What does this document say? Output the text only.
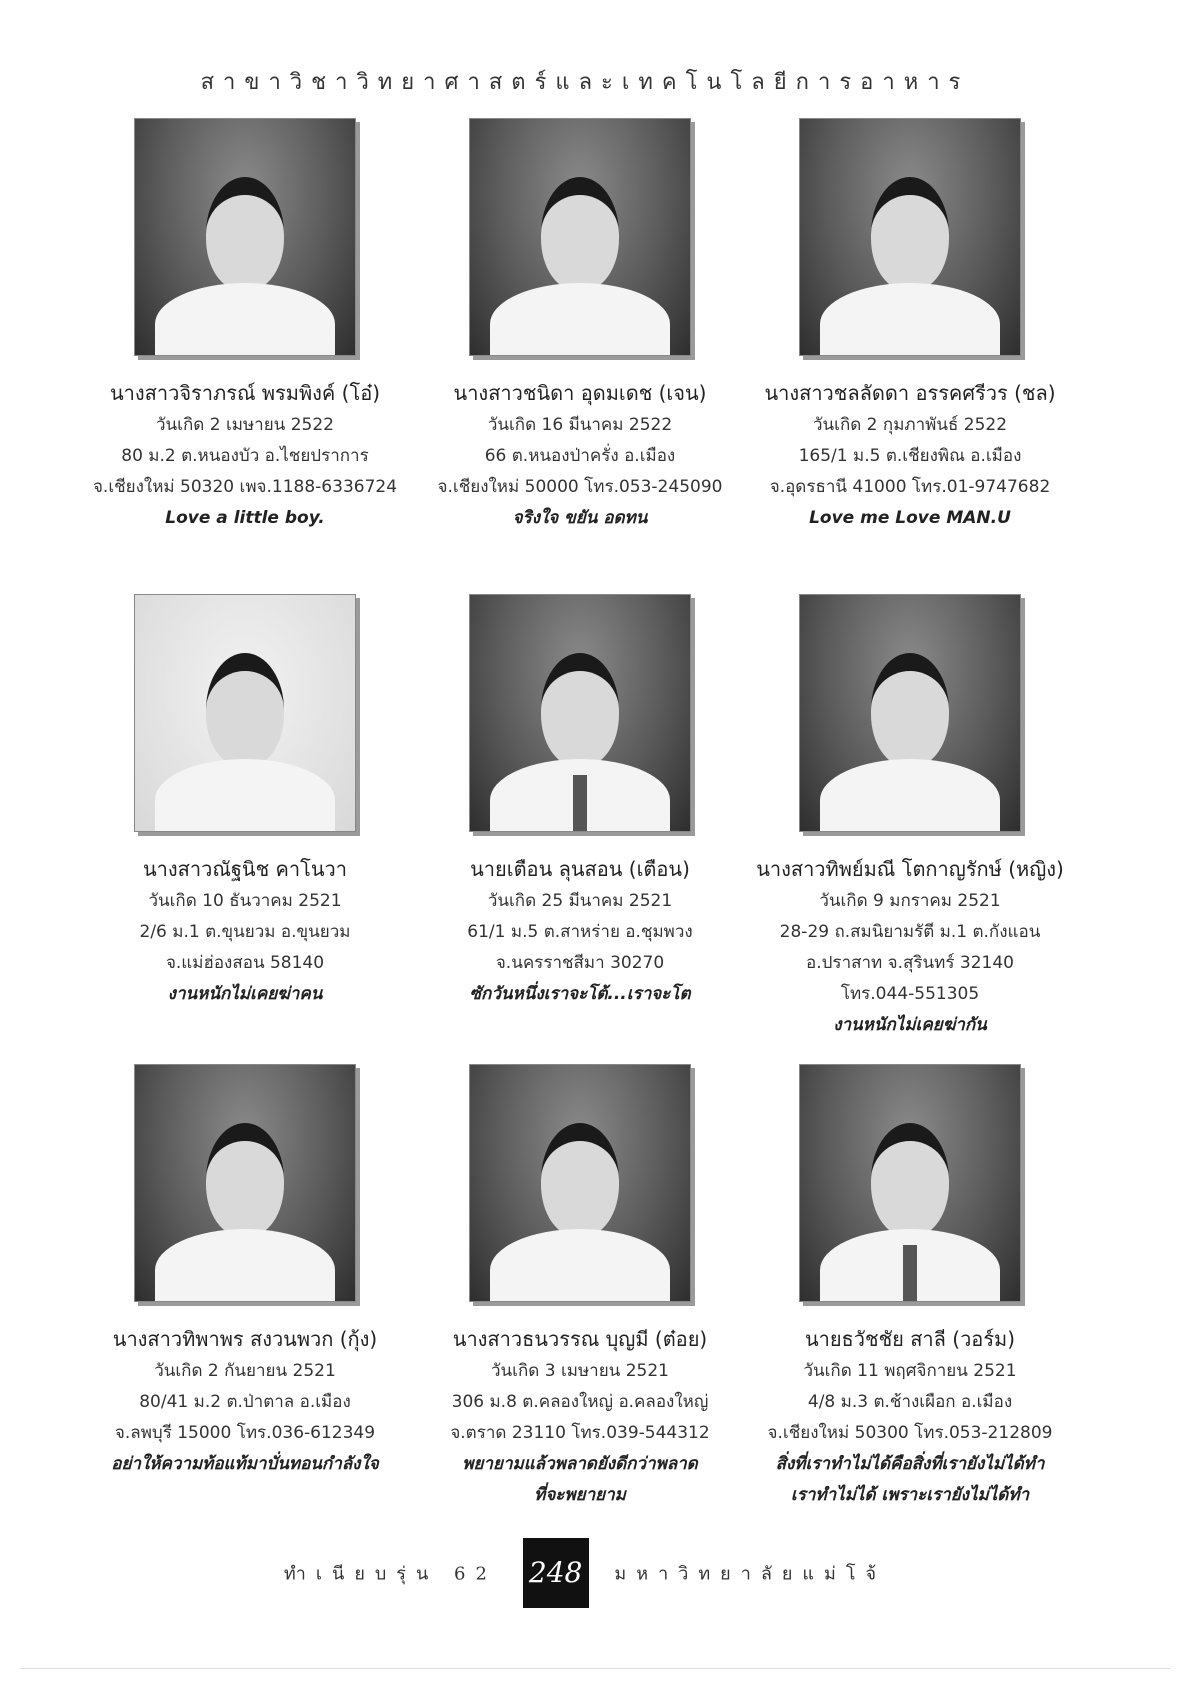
สาขาวิชาวิทยาศาสตร์และเทคโนโลยีการอาหาร
นางสาวจิราภรณ์ พรมพิงค์ (โอ๋)
วันเกิด 2 เมษายน 2522
80 ม.2 ต.หนองบัว อ.ไชยปราการ
จ.เชียงใหม่ 50320 เพจ.1188-6336724
Love a little boy.
นางสาวชนิดา อุดมเดช (เจน)
วันเกิด 16 มีนาคม 2522
66 ต.หนองป่าครั่ง อ.เมือง
จ.เชียงใหม่ 50000 โทร.053-245090
จริงใจ ขยัน อดทน
นางสาวชลลัดดา อรรคศรีวร (ชล)
วันเกิด 2 กุมภาพันธ์ 2522
165/1 ม.5 ต.เชียงพิณ อ.เมือง
จ.อุดรธานี 41000 โทร.01-9747682
Love me Love MAN.U
นางสาวณัฐนิช คาโนวา
วันเกิด 10 ธันวาคม 2521
2/6 ม.1 ต.ขุนยวม อ.ขุนยวม
จ.แม่ฮ่องสอน 58140
งานหนักไม่เคยฆ่าคน
นายเตือน ลุนสอน (เตือน)
วันเกิด 25 มีนาคม 2521
61/1 ม.5 ต.สาหร่าย อ.ชุมพวง
จ.นครราชสีมา 30270
ซักวันหนึ่งเราจะโต้...เราจะโต
นางสาวทิพย์มณี โตกาญรักษ์ (หญิง)
วันเกิด 9 มกราคม 2521
28-29 ถ.สมนิยามรัตี ม.1 ต.กังแอน
อ.ปราสาท จ.สุรินทร์ 32140
โทร.044-551305
งานหนักไม่เคยฆ่ากัน
นางสาวทิพาพร สงวนพวก (กุ้ง)
วันเกิด 2 กันยายน 2521
80/41 ม.2 ต.ป่าตาล อ.เมือง
จ.ลพบุรี 15000 โทร.036-612349
อย่าให้ความท้อแท้มาบั่นทอนกำลังใจ
นางสาวธนวรรณ บุญมี (ต๋อย)
วันเกิด 3 เมษายน 2521
306 ม.8 ต.คลองใหญ่ อ.คลองใหญ่
จ.ตราด 23110 โทร.039-544312
พยายามแล้วพลาดยังดีกว่าพลาด
ที่จะพยายาม
นายธวัชชัย สาลี (วอร์ม)
วันเกิด 11 พฤศจิกายน 2521
4/8 ม.3 ต.ช้างเผือก อ.เมือง
จ.เชียงใหม่ 50300 โทร.053-212809
สิ่งที่เราทำไม่ได้คือสิ่งที่เรายังไม่ได้ทำ
เราทำไม่ได้ เพราะเรายังไม่ได้ทำ
ทำเนียบรุ่น 62 248 มหาวิทยาลัยแม่โจ้
